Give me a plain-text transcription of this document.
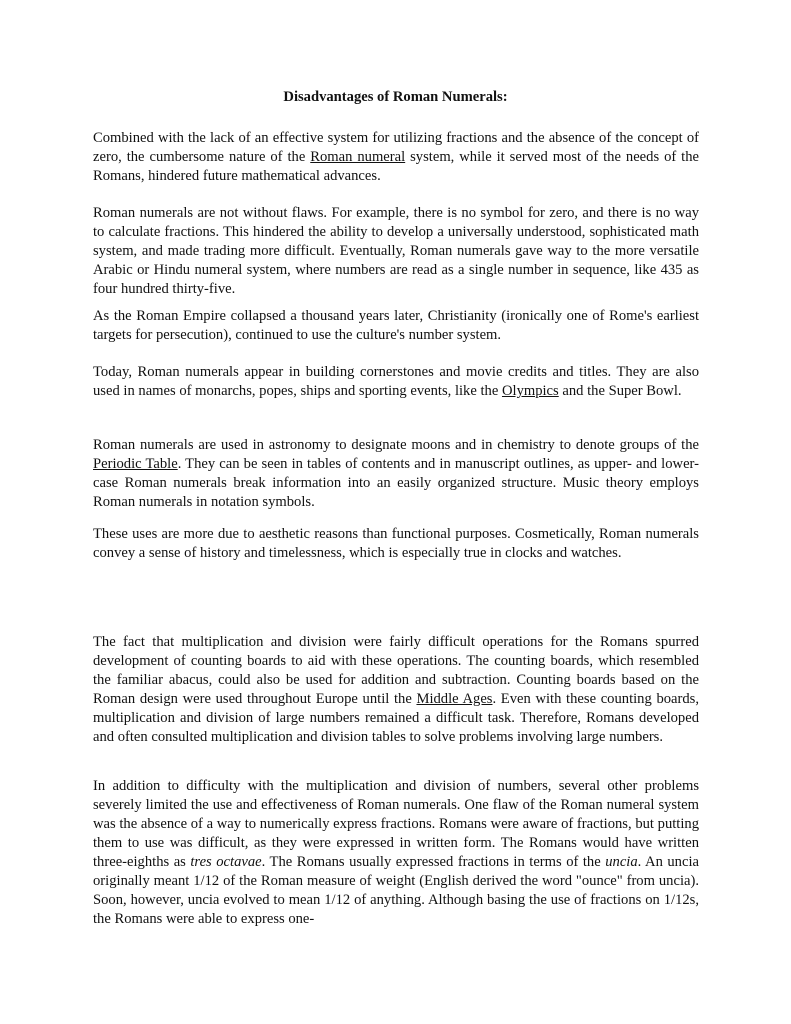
Disadvantages of Roman Numerals:

Combined with the lack of an effective system for utilizing fractions and the absence of the concept of zero, the cumbersome nature of the Roman numeral system, while it served most of the needs of the Romans, hindered future mathematical advances.

Roman numerals are not without flaws. For example, there is no symbol for zero, and there is no way to calculate fractions. This hindered the ability to develop a universally understood, sophisticated math system, and made trading more difficult. Eventually, Roman numerals gave way to the more versatile Arabic or Hindu numeral system, where numbers are read as a single number in sequence, like 435 as four hundred thirty-five.

As the Roman Empire collapsed a thousand years later, Christianity (ironically one of Rome's earliest targets for persecution), continued to use the culture's number system.

Today, Roman numerals appear in building cornerstones and movie credits and titles. They are also used in names of monarchs, popes, ships and sporting events, like the Olympics and the Super Bowl.

Roman numerals are used in astronomy to designate moons and in chemistry to denote groups of the Periodic Table. They can be seen in tables of contents and in manuscript outlines, as upper- and lower-case Roman numerals break information into an easily organized structure. Music theory employs Roman numerals in notation symbols.

These uses are more due to aesthetic reasons than functional purposes. Cosmetically, Roman numerals convey a sense of history and timelessness, which is especially true in clocks and watches.

The fact that multiplication and division were fairly difficult operations for the Romans spurred development of counting boards to aid with these operations. The counting boards, which resembled the familiar abacus, could also be used for addition and subtraction. Counting boards based on the Roman design were used throughout Europe until the Middle Ages. Even with these counting boards, multiplication and division of large numbers remained a difficult task. Therefore, Romans developed and often consulted multiplication and division tables to solve problems involving large numbers.

In addition to difficulty with the multiplication and division of numbers, several other problems severely limited the use and effectiveness of Roman numerals. One flaw of the Roman numeral system was the absence of a way to numerically express fractions. Romans were aware of fractions, but putting them to use was difficult, as they were expressed in written form. The Romans would have written three-eighths as tres octavae. The Romans usually expressed fractions in terms of the uncia. An uncia originally meant 1/12 of the Roman measure of weight (English derived the word "ounce" from uncia). Soon, however, uncia evolved to mean 1/12 of anything. Although basing the use of fractions on 1/12s, the Romans were able to express one-
